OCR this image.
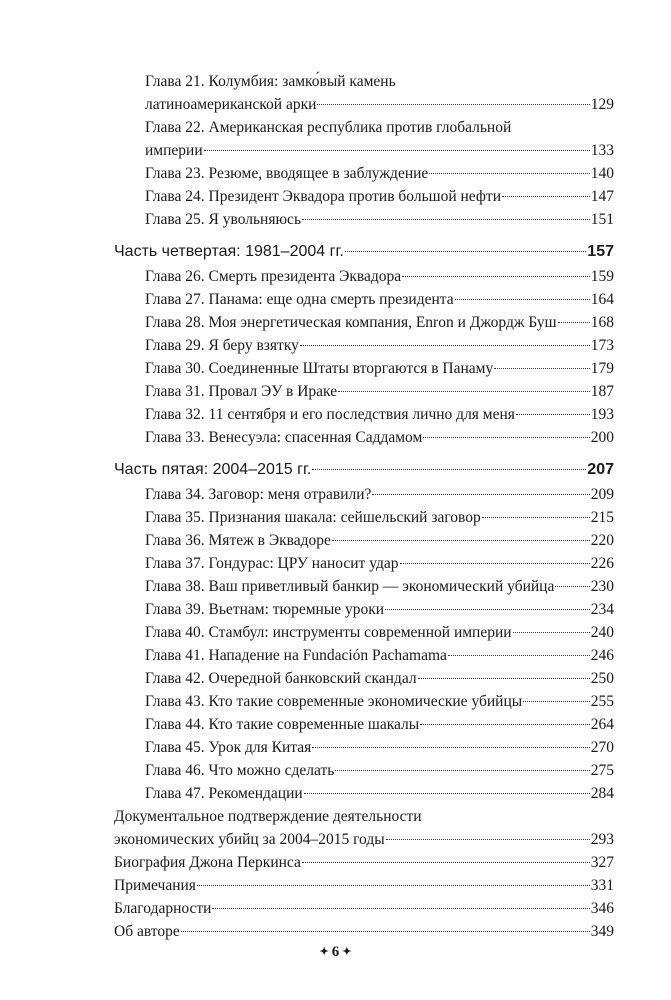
Глава 21. Колумбия: замко́вый камень
латиноамериканской арки	129
Глава 22. Американская республика против глобальной
империи	133
Глава 23. Резюме, вводящее в заблуждение	140
Глава 24. Президент Эквадора против большой нефти	147
Глава 25. Я увольняюсь	151
Часть четвертая: 1981–2004 гг.	157
Глава 26. Смерть президента Эквадора	159
Глава 27. Панама: еще одна смерть президента	164
Глава 28. Моя энергетическая компания, Enron и Джордж Буш 168
Глава 29. Я беру взятку	173
Глава 30. Соединенные Штаты вторгаются в Панаму	179
Глава 31. Провал ЭУ в Ираке	187
Глава 32. 11 сентября и его последствия лично для меня	193
Глава 33. Венесуэла: спасенная Саддамом	200
Часть пятая: 2004–2015 гг.	207
Глава 34. Заговор: меня отравили?	209
Глава 35. Признания шакала: сейшельский заговор	215
Глава 36. Мятеж в Эквадоре	220
Глава 37. Гондурас: ЦРУ наносит удар	226
Глава 38. Ваш приветливый банкир — экономический убийца 230
Глава 39. Вьетнам: тюремные уроки	234
Глава 40. Стамбул: инструменты современной империи	240
Глава 41. Нападение на Fundación Pachamama	246
Глава 42. Очередной банковский скандал	250
Глава 43. Кто такие современные экономические убийцы	255
Глава 44. Кто такие современные шакалы	264
Глава 45. Урок для Китая	270
Глава 46. Что можно сделать	275
Глава 47. Рекомендации	284
Документальное подтверждение деятельности
экономических убийц за 2004–2015 годы	293
Биография Джона Перкинса	327
Примечания	331
Благодарности	346
Об авторе	349
✦ 6 ✦
